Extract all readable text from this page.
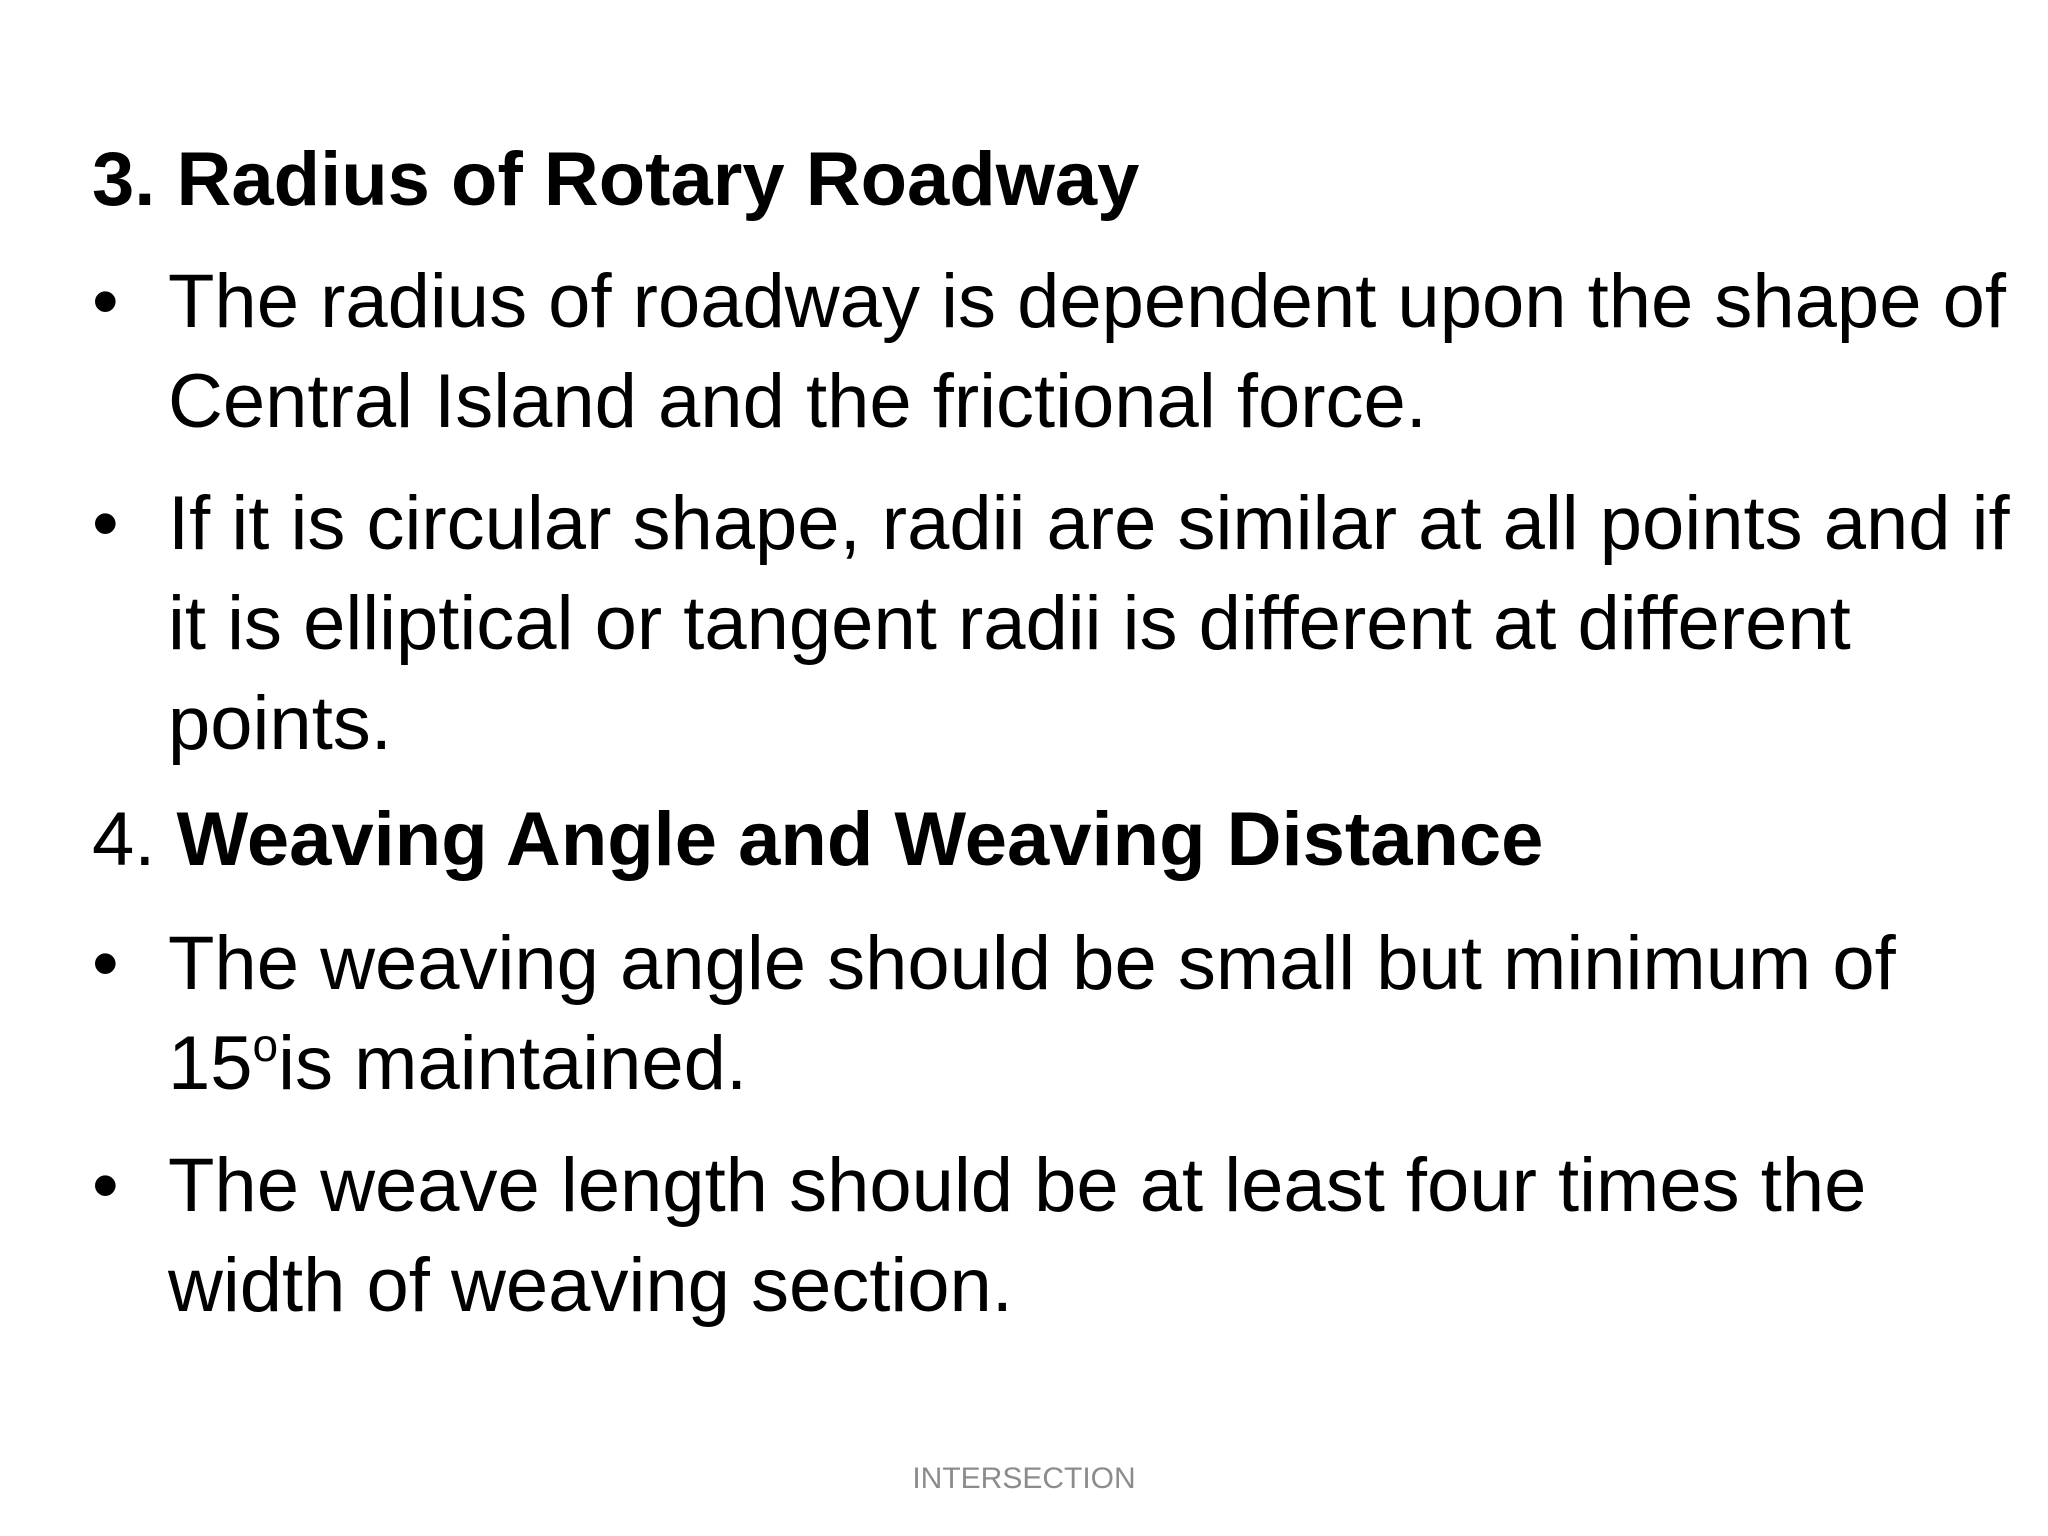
3. Radius of Rotary Roadway
• The radius of roadway is dependent upon the shape of Central Island and the frictional force.
• If it is circular shape, radii are similar at all points and if it is elliptical or tangent radii is different at different points.
4. Weaving Angle and Weaving Distance
• The weaving angle should be small but minimum of 15$^o$is maintained.
• The weave length should be at least four times the width of weaving section.
INTERSECTION
